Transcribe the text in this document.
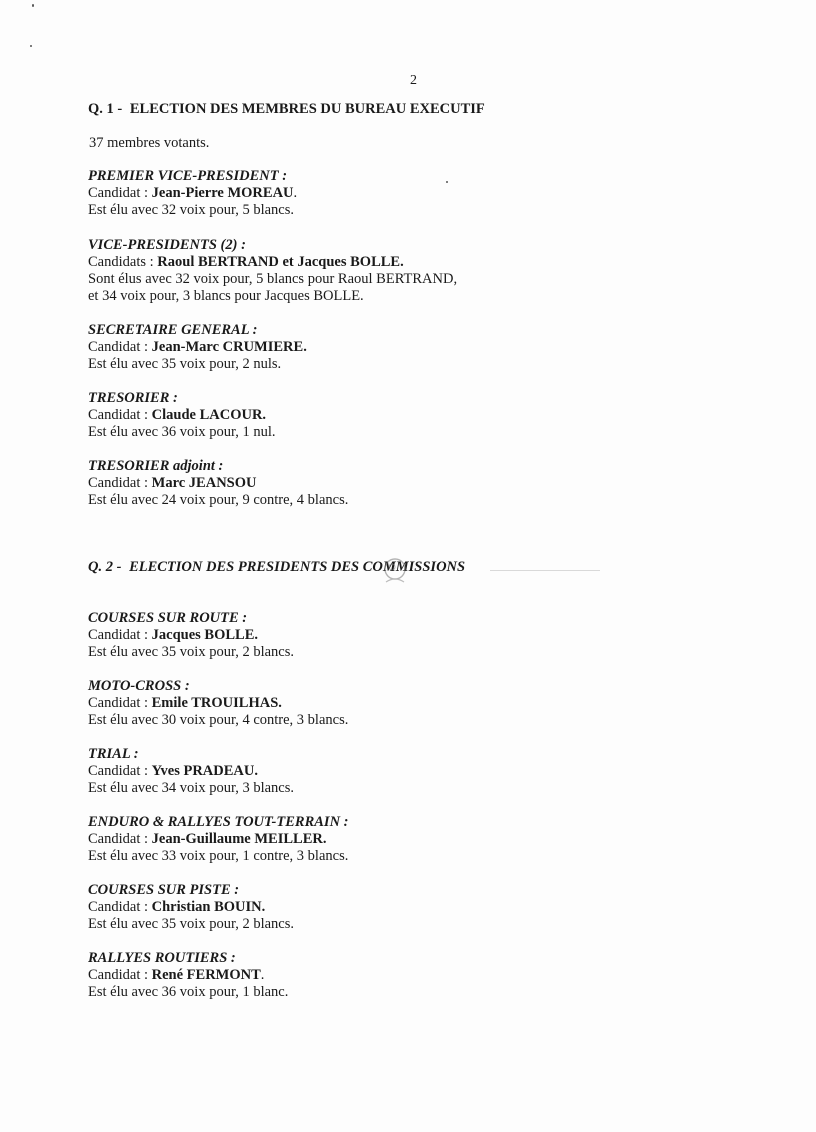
2
Q. 1 - ELECTION DES MEMBRES DU BUREAU EXECUTIF
37 membres votants.
PREMIER VICE-PRESIDENT :
Candidat : Jean-Pierre MOREAU.
Est élu avec 32 voix pour, 5 blancs.
VICE-PRESIDENTS (2) :
Candidats : Raoul BERTRAND et Jacques BOLLE.
Sont élus avec 32 voix pour, 5 blancs pour Raoul BERTRAND,
et 34 voix pour, 3 blancs pour Jacques BOLLE.
SECRETAIRE GENERAL :
Candidat : Jean-Marc CRUMIERE.
Est élu avec 35 voix pour, 2 nuls.
TRESORIER :
Candidat : Claude LACOUR.
Est élu avec 36 voix pour, 1 nul.
TRESORIER adjoint :
Candidat : Marc JEANSOU
Est élu avec 24 voix pour, 9 contre, 4 blancs.
Q. 2 - ELECTION DES PRESIDENTS DES COMMISSIONS
COURSES SUR ROUTE :
Candidat : Jacques BOLLE.
Est élu avec 35 voix pour, 2 blancs.
MOTO-CROSS :
Candidat : Emile TROUILHAS.
Est élu avec 30 voix pour, 4 contre, 3 blancs.
TRIAL :
Candidat : Yves PRADEAU.
Est élu avec 34 voix pour, 3 blancs.
ENDURO & RALLYES TOUT-TERRAIN :
Candidat : Jean-Guillaume MEILLER.
Est élu avec 33 voix pour, 1 contre, 3 blancs.
COURSES SUR PISTE :
Candidat : Christian BOUIN.
Est élu avec 35 voix pour, 2 blancs.
RALLYES ROUTIERS :
Candidat : René FERMONT.
Est élu avec 36 voix pour, 1 blanc.
